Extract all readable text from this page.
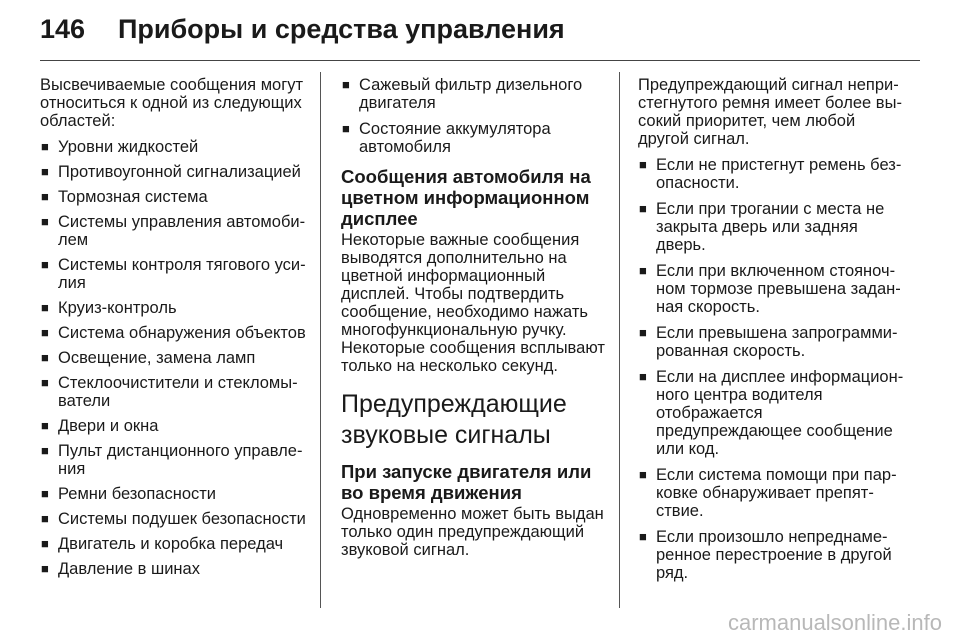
146 Приборы и средства управления

Высвечиваемые сообщения могут относиться к одной из следующих областей:

■ Уровни жидкостей
■ Противоугонной сигнализацией
■ Тормозная система
■ Системы управления автомобилем
■ Системы контроля тягового усилия
■ Круиз-контроль
■ Система обнаружения объектов
■ Освещение, замена ламп
■ Стеклоочистители и стекломыватели
■ Двери и окна
■ Пульт дистанционного управления
■ Ремни безопасности
■ Системы подушек безопасности
■ Двигатель и коробка передач
■ Давление в шинах
■ Сажевый фильтр дизельного двигателя
■ Состояние аккумулятора автомобиля
Сообщения автомобиля на цветном информационном дисплее

Некоторые важные сообщения выводятся дополнительно на цветной информационный дисплей. Чтобы подтвердить сообщение, необходимо нажать многофункциональную ручку. Некоторые сообщения всплывают только на несколько секунд.

Предупреждающие звуковые сигналы
При запуске двигателя или во время движения

Одновременно может быть выдан только один предупреждающий звуковой сигнал.

Предупреждающий сигнал непристегнутого ремня имеет более высокий приоритет, чем любой другой сигнал.

■ Если не пристегнут ремень безопасности.
■ Если при трогании с места не закрыта дверь или задняя дверь.
■ Если при включенном стояночном тормозе превышена заданная скорость.
■ Если превышена запрограммированная скорость.
■ Если на дисплее информационного центра водителя отображается предупреждающее сообщение или код.
■ Если система помощи при парковке обнаруживает препятствие.
■ Если произошло непреднамеренное перестроение в другой ряд.
carmanualsonline.info
